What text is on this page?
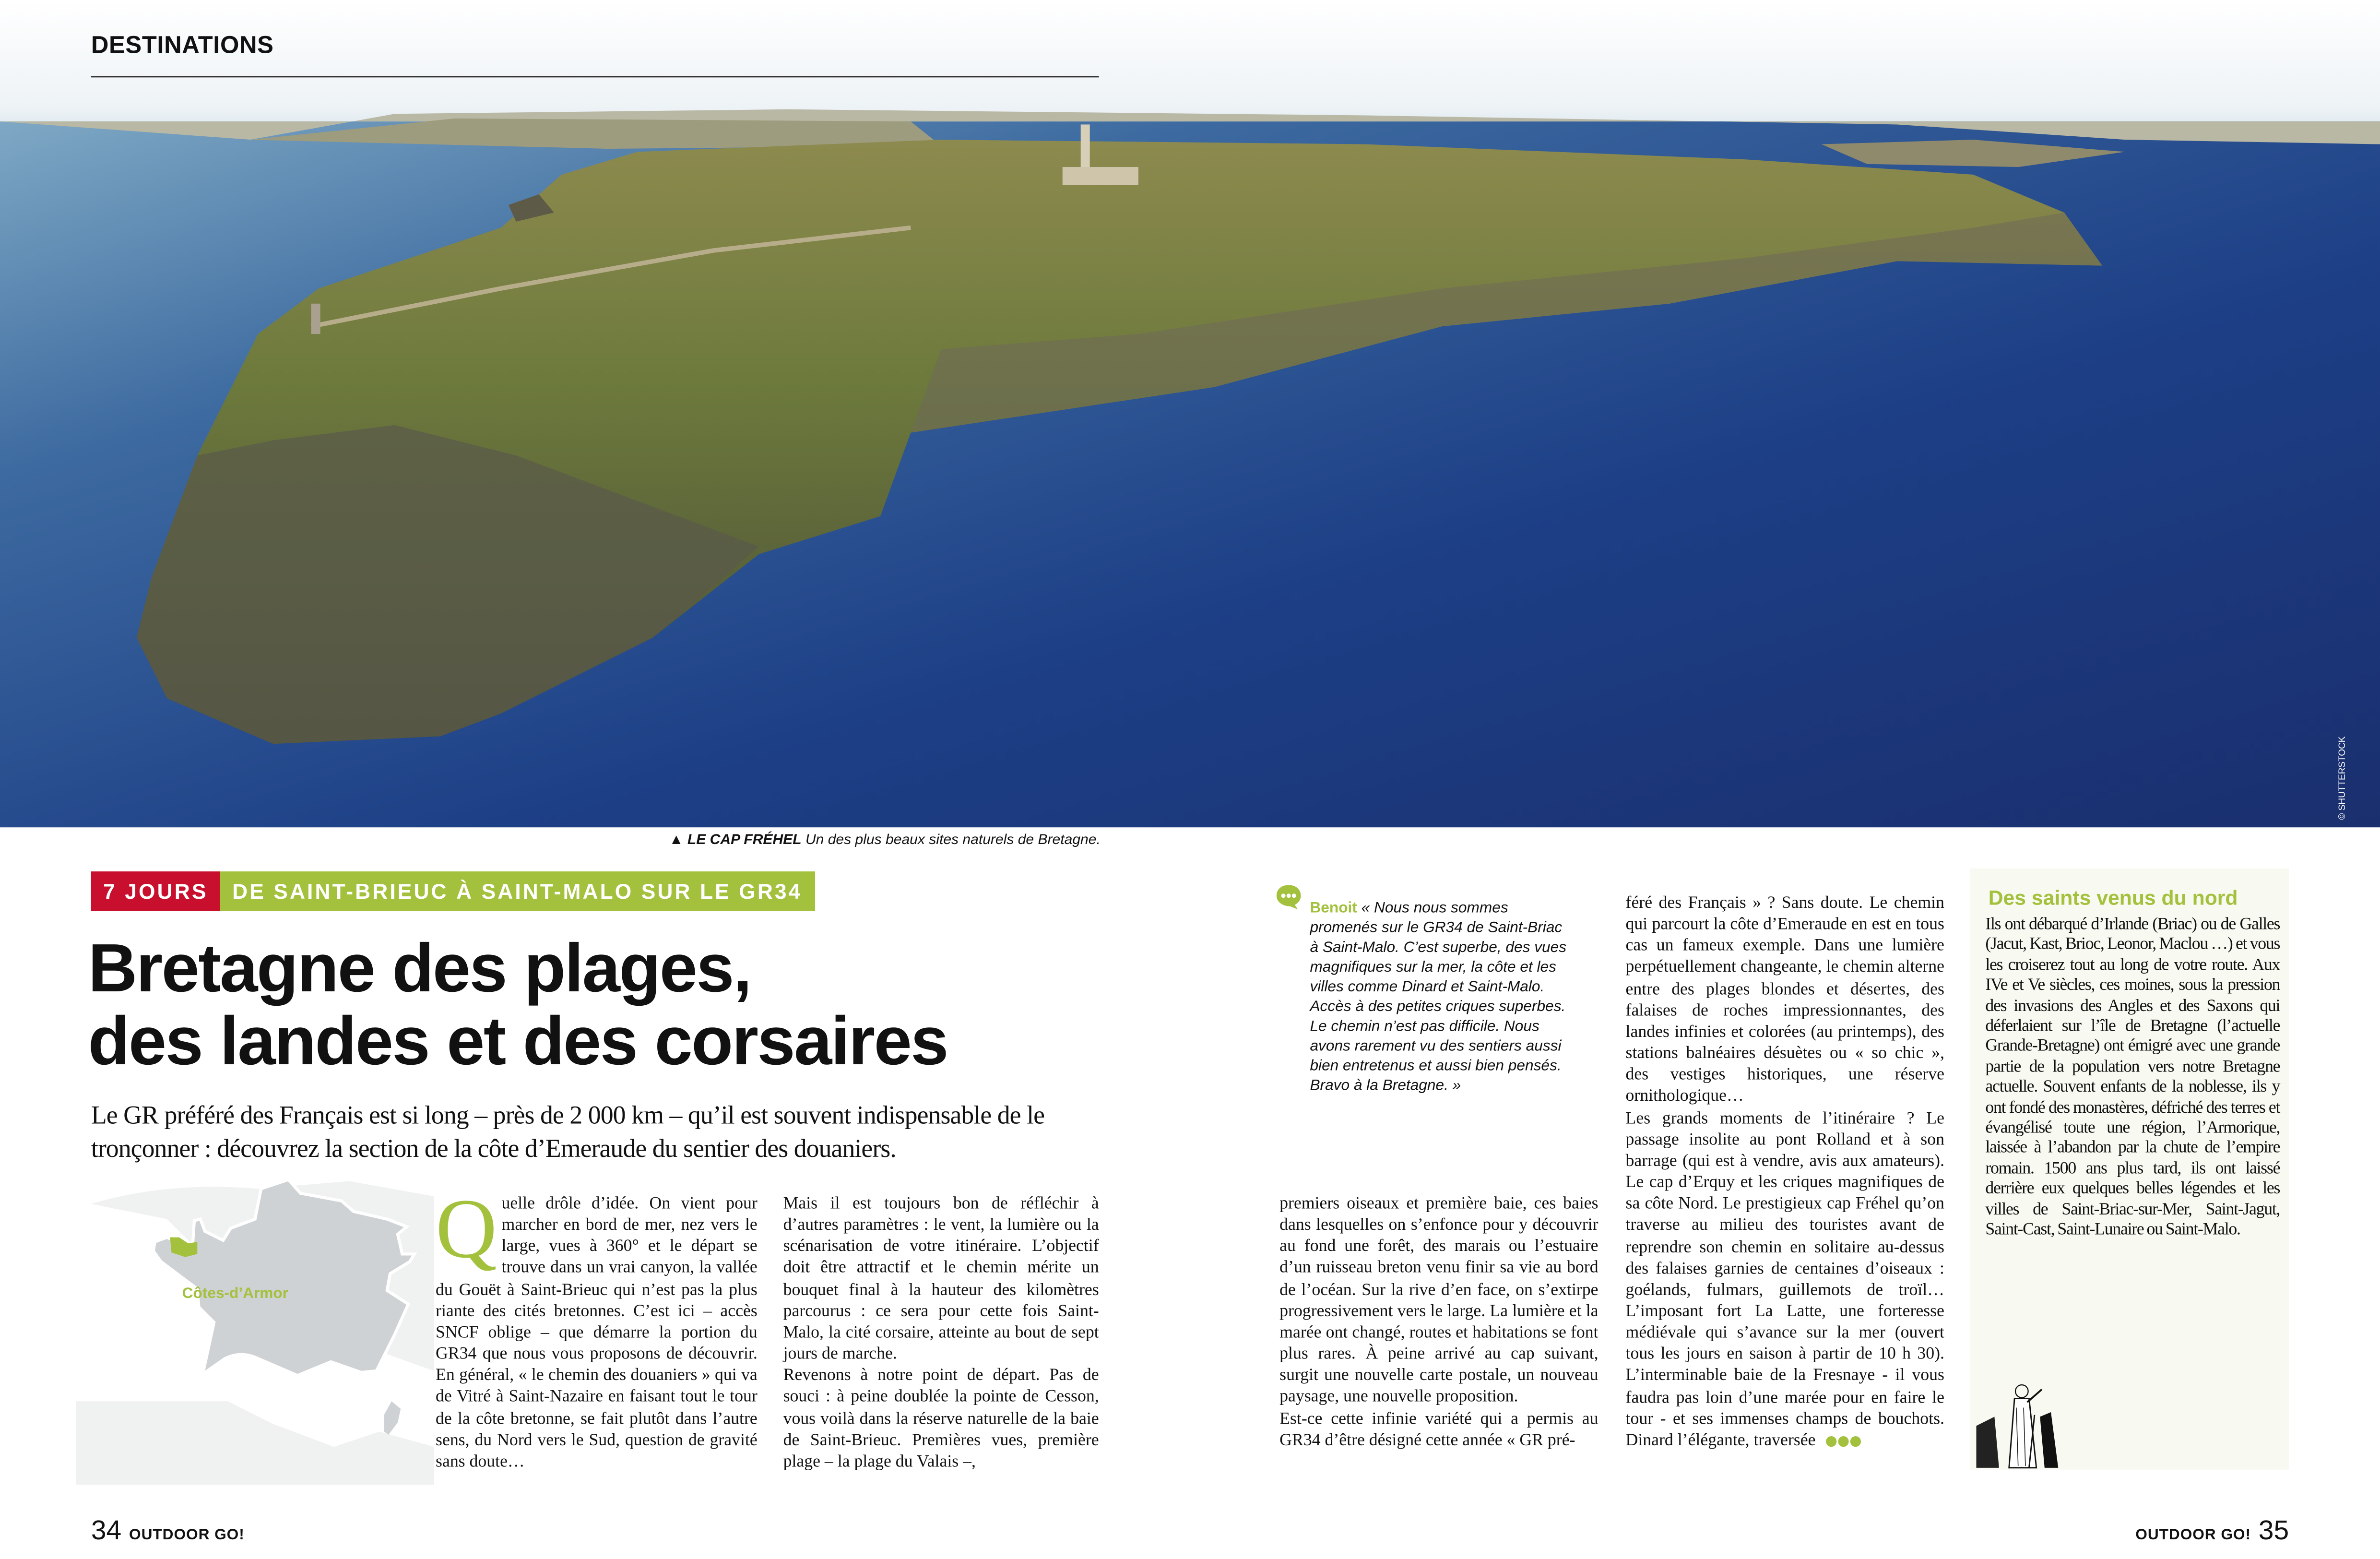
DESTINATIONS
© SHUTTERSTOCK
▲ LE CAP FRÉHEL Un des plus beaux sites naturels de Bretagne.
7 JOURS	DE SAINT-BRIEUC À SAINT-MALO SUR LE GR34
Bretagne des plages,
des landes et des corsaires
Le GR préféré des Français est si long – près de 2 000 km – qu’il est souvent indispensable de le tronçonner : découvrez la section de la côte d’Emeraude du sentier des douaniers.
Côtes-d’Armor
Q uelle drôle d’idée. On vient pour marcher en bord de mer, nez vers le large, vues à 360° et le départ se trouve dans un vrai canyon, la vallée du Gouët à Saint-Brieuc qui n’est pas la plus riante des cités bretonnes. C’est ici – accès SNCF oblige – que démarre la portion du GR34 que nous vous proposons de découvrir. En général, « le chemin des douaniers » qui va de Vitré à Saint-Nazaire en faisant tout le tour de la côte bretonne, se fait plutôt dans l’autre sens, du Nord vers le Sud, question de gravité sans doute…

Mais il est toujours bon de réfléchir à d’autres paramètres : le vent, la lumière ou la scénarisation de votre itinéraire. L’objectif doit être attractif et le chemin mérite un bouquet final à la hauteur des kilomètres parcourus : ce sera pour cette fois Saint-Malo, la cité corsaire, atteinte au bout de sept jours de marche.

Revenons à notre point de départ. Pas de souci : à peine doublée la pointe de Cesson, vous voilà dans la réserve naturelle de la baie de Saint-Brieuc. Premières vues, première plage – la plage du Valais –,

Benoit « Nous nous sommes promenés sur le GR34 de Saint-Briac à Saint-Malo. C’est superbe, des vues magnifiques sur la mer, la côte et les villes comme Dinard et Saint-Malo. Accès à des petites criques superbes. Le chemin n’est pas difficile. Nous avons rarement vu des sentiers aussi bien entretenus et aussi bien pensés. Bravo à la Bretagne. »

premiers oiseaux et première baie, ces baies dans lesquelles on s’enfonce pour y découvrir au fond une forêt, des marais ou l’estuaire d’un ruisseau breton venu finir sa vie au bord de l’océan. Sur la rive d’en face, on s’extirpe progressivement vers le large. La lumière et la marée ont changé, routes et habitations se font plus rares. À peine arrivé au cap suivant, surgit une nouvelle carte postale, un nouveau paysage, une nouvelle proposition.

Est-ce cette infinie variété qui a permis au GR34 d’être désigné cette année « GR pré-

féré des Français » ? Sans doute. Le chemin qui parcourt la côte d’Emeraude en est en tous cas un fameux exemple. Dans une lumière perpétuellement changeante, le chemin alterne entre des plages blondes et désertes, des falaises de roches impressionnantes, des landes infinies et colorées (au printemps), des stations balnéaires désuètes ou « so chic », des vestiges historiques, une réserve ornithologique…

Les grands moments de l’itinéraire ? Le passage insolite au pont Rolland et à son barrage (qui est à vendre, avis aux amateurs). Le cap d’Erquy et les criques magnifiques de sa côte Nord. Le prestigieux cap Fréhel qu’on traverse au milieu des touristes avant de reprendre son chemin en solitaire au-dessus des falaises garnies de centaines d’oiseaux : goélands, fulmars, guillemots de troïl… L’imposant fort La Latte, une forteresse médiévale qui s’avance sur la mer (ouvert tous les jours en saison à partir de 10 h 30). L’interminable baie de la Fresnaye - il vous faudra pas loin d’une marée pour en faire le tour - et ses immenses champs de bouchots. Dinard l’élégante, traversée

Des saints venus du nord
Ils ont débarqué d’Irlande (Briac) ou de Galles (Jacut, Kast, Brioc, Leonor, Maclou …) et vous les croiserez tout au long de votre route. Aux IVe et Ve siècles, ces moines, sous la pression des invasions des Angles et des Saxons qui déferlaient sur l’île de Bretagne (l’actuelle Grande-Bretagne) ont émigré avec une grande partie de la population vers notre Bretagne actuelle. Souvent enfants de la noblesse, ils y ont fondé des monastères, défriché des terres et évangélisé toute une région, l’Armorique, laissée à l’abandon par la chute de l’empire romain. 1500 ans plus tard, ils ont laissé derrière eux quelques belles légendes et les villes de Saint-Briac-sur-Mer, Saint-Jagut, Saint-Cast, Saint-Lunaire ou Saint-Malo.
34 OUTDOOR GO!	OUTDOOR GO! 35
